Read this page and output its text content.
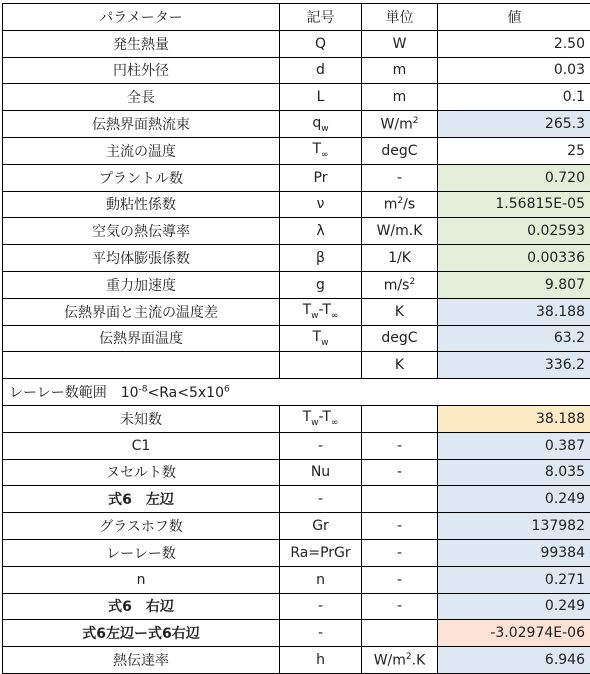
パラメーター	記号	単位	値
発生熱量	Q	W	2.50
円柱外径	d	m	0.03
全長	L	m	0.1
伝熱界面熱流束	$q_w$	$W/m^2$	265.3
主流の温度	$T_\infty$	degC	25
プラントル数	Pr	-	0.720
動粘性係数	ν	$m^2/s$	1.56815E-05
空気の熱伝導率	λ	W/m.K	0.02593
平均体膨張係数	β	1/K	0.00336
重力加速度	g	$m/s^2$	9.807
伝熱界面と主流の温度差	$T_w-T_\infty$	K	38.188
伝熱界面温度	$T_w$	degC	63.2
		K	336.2
レーレー数範囲　$10^{-8}<Ra<5x10^6$		
未知数	$T_w-T_\infty$		38.188
C1	-	-	0.387
ヌセルト数	Nu	-	8.035
式6　左辺	-		0.249
グラスホフ数	Gr	-	137982
レーレー数	Ra=PrGr	-	99384
n	n	-	0.271
式6　右辺	-	-	0.249
式6左辺ー式6右辺	-		-3.02974E-06
熱伝達率	h	$W/m^2.K$	6.946
